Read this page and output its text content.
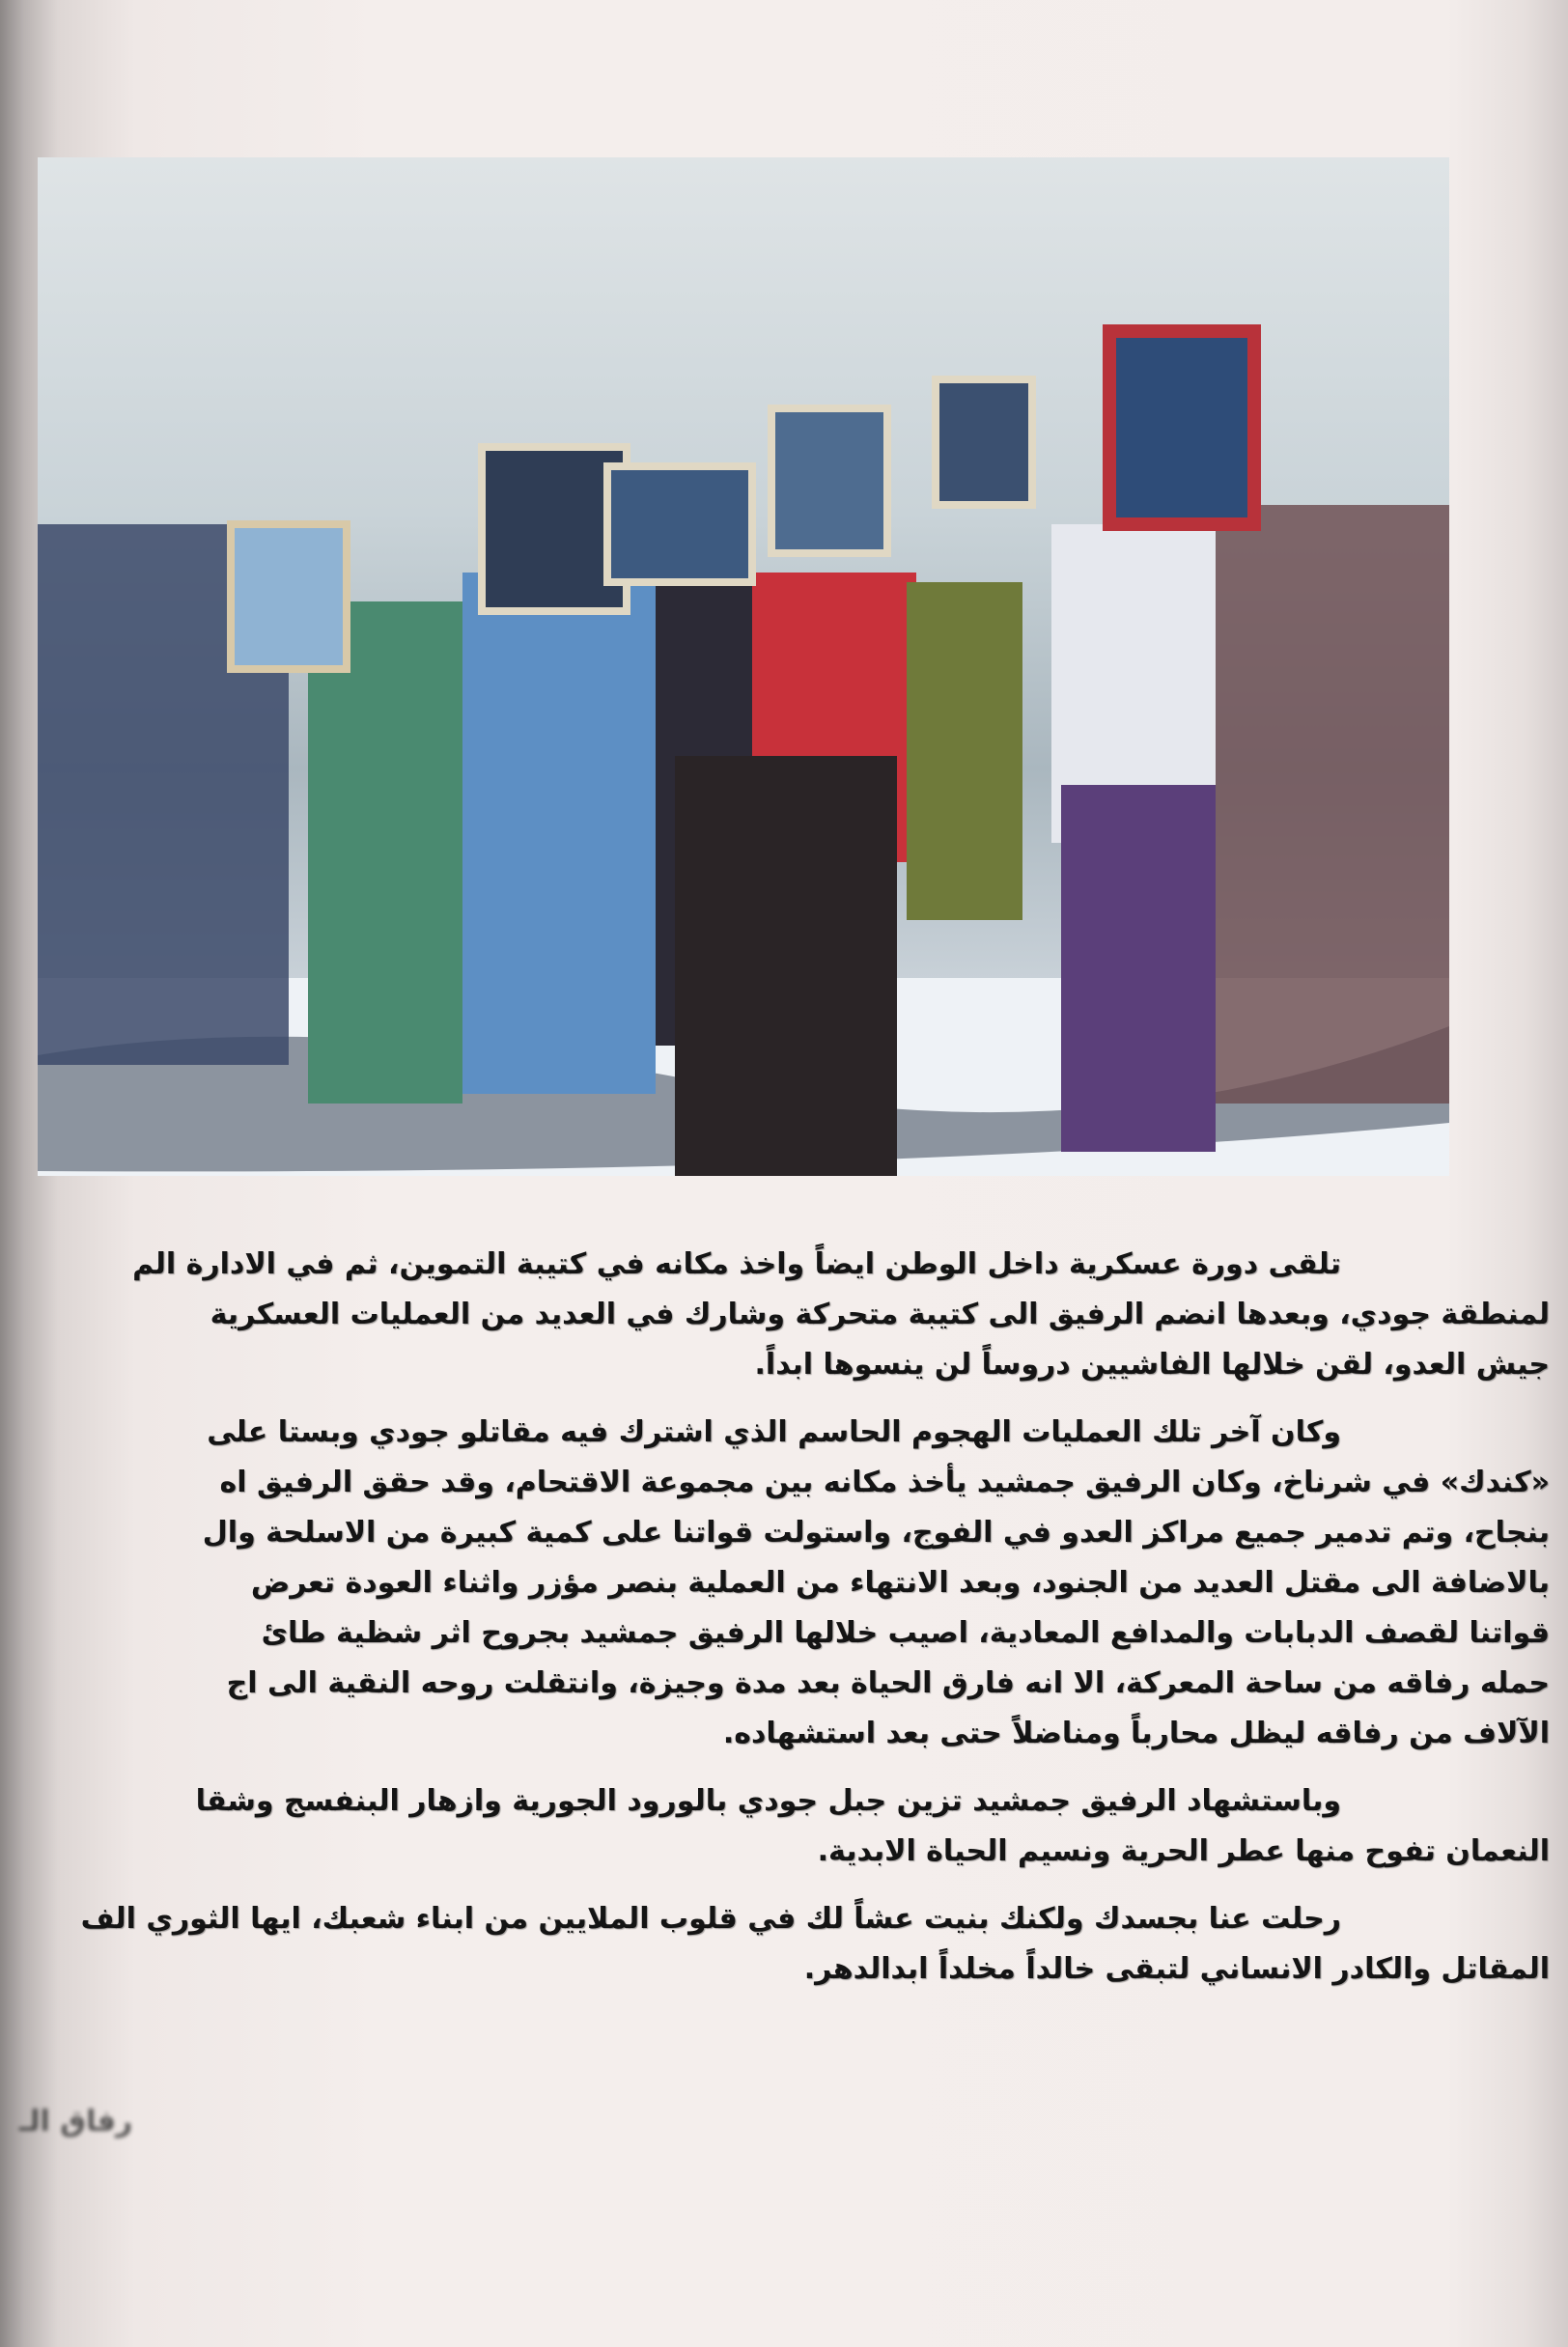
تلقى دورة عسكرية داخل الوطن ايضاً واخذ مكانه في كتيبة التموين، ثم في الادارة الم
لمنطقة جودي، وبعدها انضم الرفيق الى كتيبة متحركة وشارك في العديد من العمليات العسكرية
جيش العدو، لقن خلالها الفاشيين دروساً لن ينسوها ابداً.
وكان آخر تلك العمليات الهجوم الحاسم الذي اشترك فيه مقاتلو جودي وبستا على
«كندك» في شرناخ، وكان الرفيق جمشيد يأخذ مكانه بين مجموعة الاقتحام، وقد حقق الرفيق اه
بنجاح، وتم تدمير جميع مراكز العدو في الفوج، واستولت قواتنا على كمية كبيرة من الاسلحة وال
بالاضافة الى مقتل العديد من الجنود، وبعد الانتهاء من العملية بنصر مؤزر واثناء العودة تعرض
قواتنا لقصف الدبابات والمدافع المعادية، اصيب خلالها الرفيق جمشيد بجروح اثر شظية طائ
حمله رفاقه من ساحة المعركة، الا انه فارق الحياة بعد مدة وجيزة، وانتقلت روحه النقية الى اج
الآلاف من رفاقه ليظل محارباً ومناضلاً حتى بعد استشهاده.
وباستشهاد الرفيق جمشيد تزين جبل جودي بالورود الجورية وازهار البنفسج وشقا
النعمان تفوح منها عطر الحرية ونسيم الحياة الابدية.
رحلت عنا بجسدك ولكنك بنيت عشاً لك في قلوب الملايين من ابناء شعبك، ايها الثوري الف
المقاتل والكادر الانساني لتبقى خالداً مخلداً ابدالدهر.
رفاق الـ
